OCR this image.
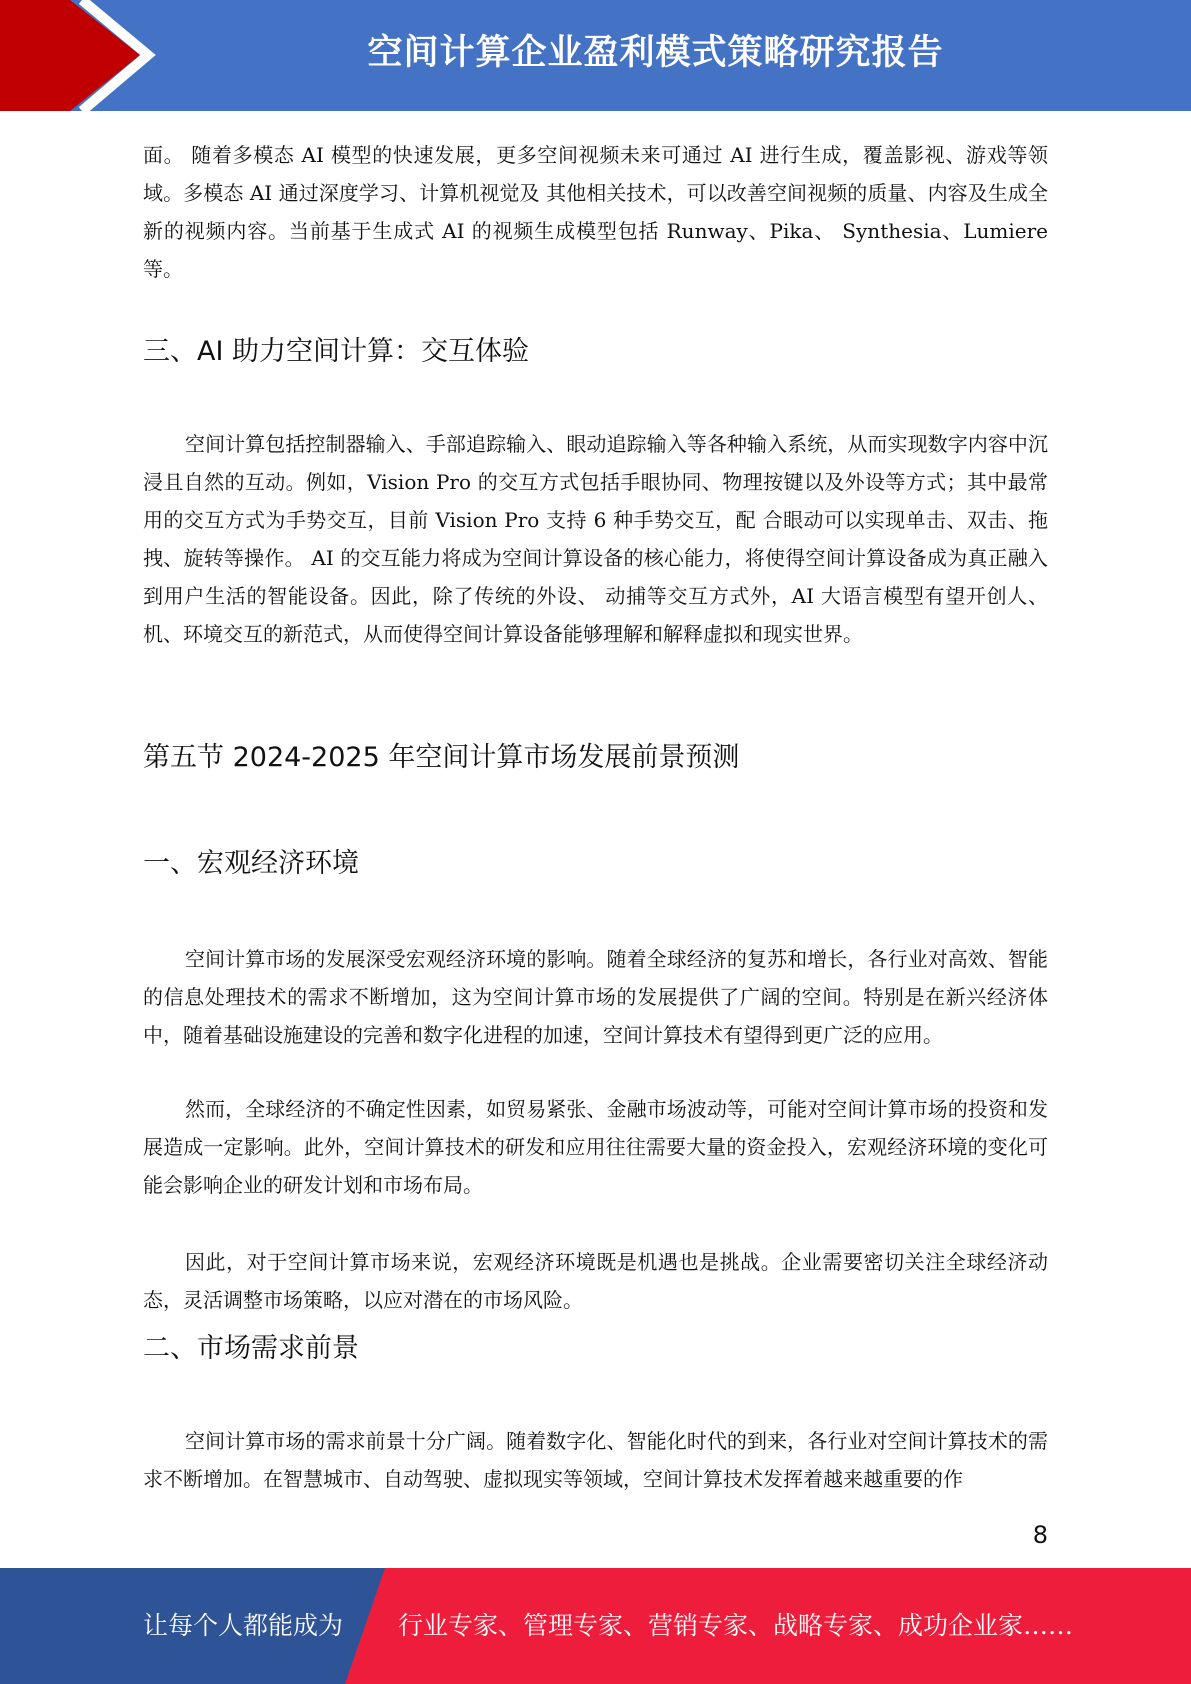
空间计算企业盈利模式策略研究报告

面。 随着多模态 AI 模型的快速发展，更多空间视频未来可通过 AI 进行生成，覆盖影视、游戏等领域。多模态 AI 通过深度学习、计算机视觉及 其他相关技术，可以改善空间视频的质量、内容及生成全新的视频内容。当前基于生成式 AI 的视频生成模型包括 Runway、Pika、 Synthesia、Lumiere 等。

三、AI 助力空间计算：交互体验

空间计算包括控制器输入、手部追踪输入、眼动追踪输入等各种输入系统，从而实现数字内容中沉浸且自然的互动。例如，Vision Pro 的交互方式包括手眼协同、物理按键以及外设等方式；其中最常用的交互方式为手势交互，目前 Vision Pro 支持 6 种手势交互，配 合眼动可以实现单击、双击、拖拽、旋转等操作。 AI 的交互能力将成为空间计算设备的核心能力，将使得空间计算设备成为真正融入到用户生活的智能设备。因此，除了传统的外设、 动捕等交互方式外，AI 大语言模型有望开创人、机、环境交互的新范式，从而使得空间计算设备能够理解和解释虚拟和现实世界。

第五节 2024-2025 年空间计算市场发展前景预测
一、宏观经济环境

空间计算市场的发展深受宏观经济环境的影响。随着全球经济的复苏和增长，各行业对高效、智能的信息处理技术的需求不断增加，这为空间计算市场的发展提供了广阔的空间。特别是在新兴经济体中，随着基础设施建设的完善和数字化进程的加速，空间计算技术有望得到更广泛的应用。

然而，全球经济的不确定性因素，如贸易紧张、金融市场波动等，可能对空间计算市场的投资和发展造成一定影响。此外，空间计算技术的研发和应用往往需要大量的资金投入，宏观经济环境的变化可能会影响企业的研发计划和市场布局。

因此，对于空间计算市场来说，宏观经济环境既是机遇也是挑战。企业需要密切关注全球经济动态，灵活调整市场策略，以应对潜在的市场风险。

二、市场需求前景

空间计算市场的需求前景十分广阔。随着数字化、智能化时代的到来，各行业对空间计算技术的需求不断增加。在智慧城市、自动驾驶、虚拟现实等领域，空间计算技术发挥着越来越重要的作

8
让每个人都能成为 行业专家、管理专家、营销专家、战略专家、成功企业家……
